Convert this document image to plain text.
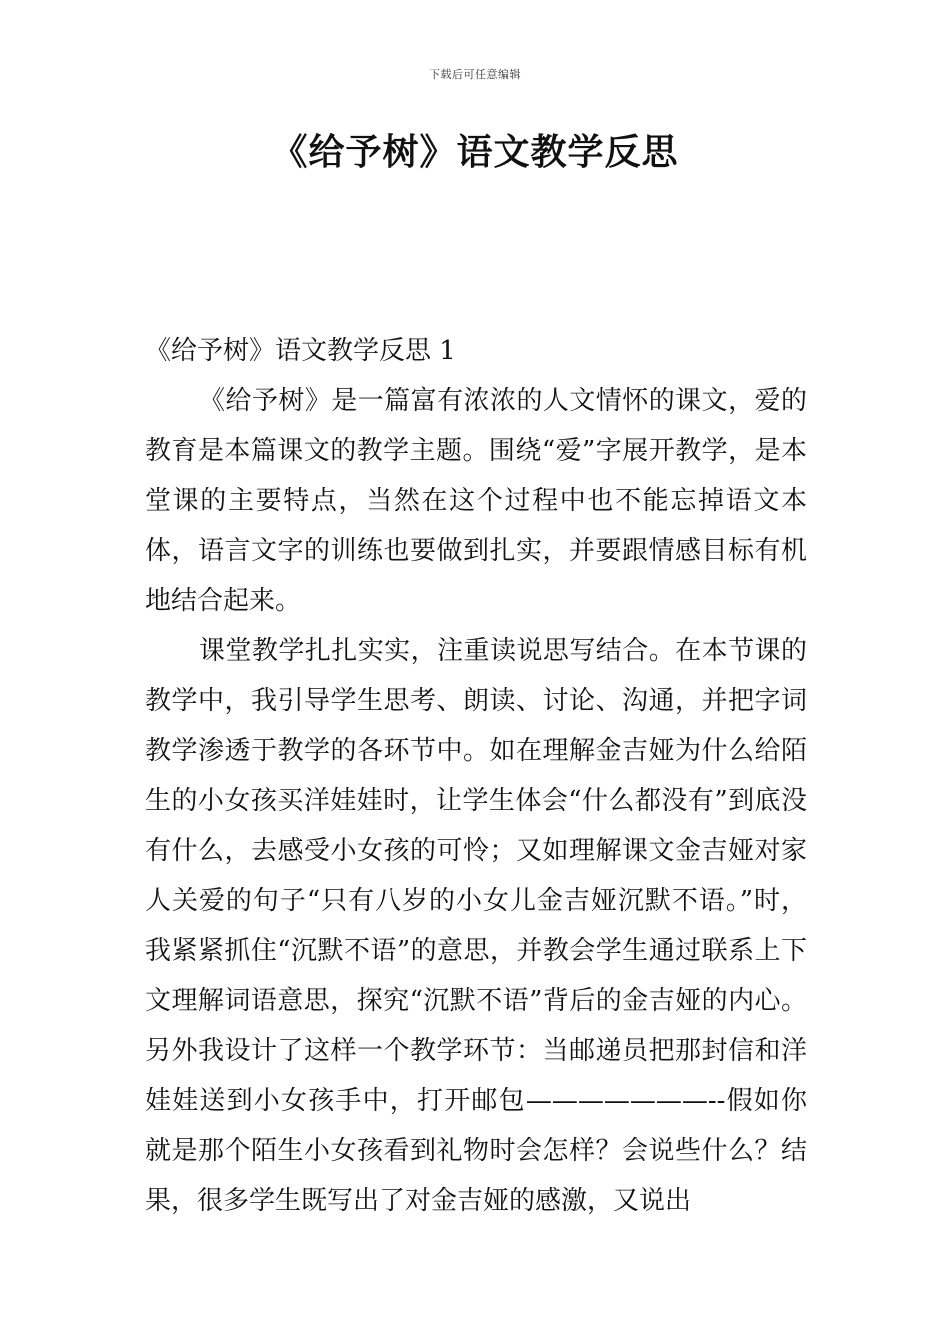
下载后可任意编辑
《给予树》语文教学反思

《给予树》语文教学反思 1

《给予树》是一篇富有浓浓的人文情怀的课文，爱的教育是本篇课文的教学主题。围绕“爱”字展开教学，是本堂课的主要特点，当然在这个过程中也不能忘掉语文本体，语言文字的训练也要做到扎实，并要跟情感目标有机地结合起来。

课堂教学扎扎实实，注重读说思写结合。在本节课的教学中，我引导学生思考、朗读、讨论、沟通，并把字词教学渗透于教学的各环节中。如在理解金吉娅为什么给陌生的小女孩买洋娃娃时，让学生体会“什么都没有”到底没有什么，去感受小女孩的可怜；又如理解课文金吉娅对家人关爱的句子“只有八岁的小女儿金吉娅沉默不语。”时，我紧紧抓住“沉默不语”的意思，并教会学生通过联系上下文理解词语意思，探究“沉默不语”背后的金吉娅的内心。另外我设计了这样一个教学环节：当邮递员把那封信和洋娃娃送到小女孩手中，打开邮包———————--假如你就是那个陌生小女孩看到礼物时会怎样？会说些什么？结果，很多学生既写出了对金吉娅的感激，又说出
